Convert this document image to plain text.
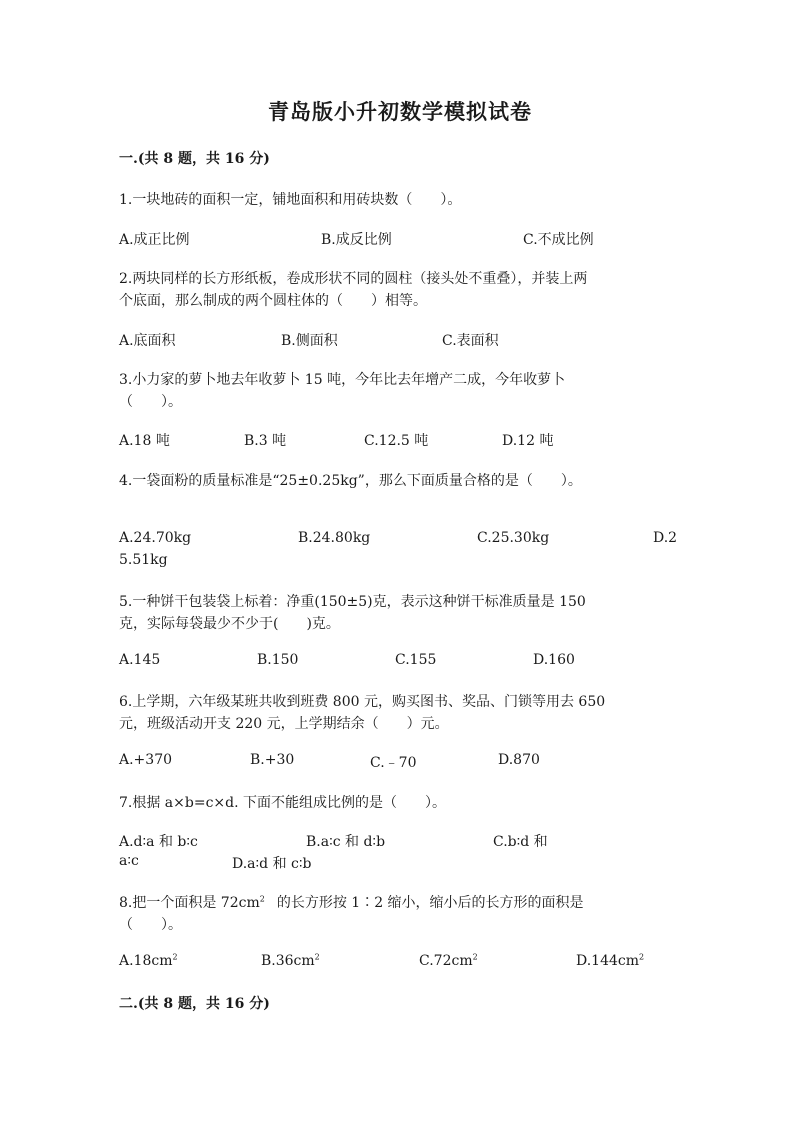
青岛版小升初数学模拟试卷
一.(共 8 题，共 16 分)
1.一块地砖的面积一定，铺地面积和用砖块数（　　）。
A.成正比例	B.成反比例	C.不成比例
2.两块同样的长方形纸板，卷成形状不同的圆柱（接头处不重叠），并装上两
个底面，那么制成的两个圆柱体的（　　）相等。
A.底面积	B.侧面积	C.表面积
3.小力家的萝卜地去年收萝卜 15 吨，今年比去年增产二成，今年收萝卜
（　　）。
A.18 吨	B.3 吨	C.12.5 吨	D.12 吨
4.一袋面粉的质量标准是“25±0.25kg”，那么下面质量合格的是（　　）。
A.24.70kg	B.24.80kg	C.25.30kg	D.2
5.51kg
5.一种饼干包装袋上标着：净重(150±5)克，表示这种饼干标准质量是 150
克，实际每袋最少不少于(　　)克。
A.145	B.150	C.155	D.160
6.上学期，六年级某班共收到班费 800 元，购买图书、奖品、门锁等用去 650
元，班级活动开支 220 元，上学期结余（　　）元。
A.+370	B.+30	C.﹣70	D.870
7.根据 a×b=c×d. 下面不能组成比例的是（　　）。
A.d∶a 和 b∶c	B.a∶c 和 d∶b	C.b∶d 和
a∶c	D.a∶d 和 c∶b
8.把一个面积是 $72cm^2$ 的长方形按 1∶2 缩小，缩小后的长方形的面积是
（　　）。
$A.18cm^2$	$B.36cm^2$	$C.72cm^2$	$D.144cm^2$
二.(共 8 题，共 16 分)
